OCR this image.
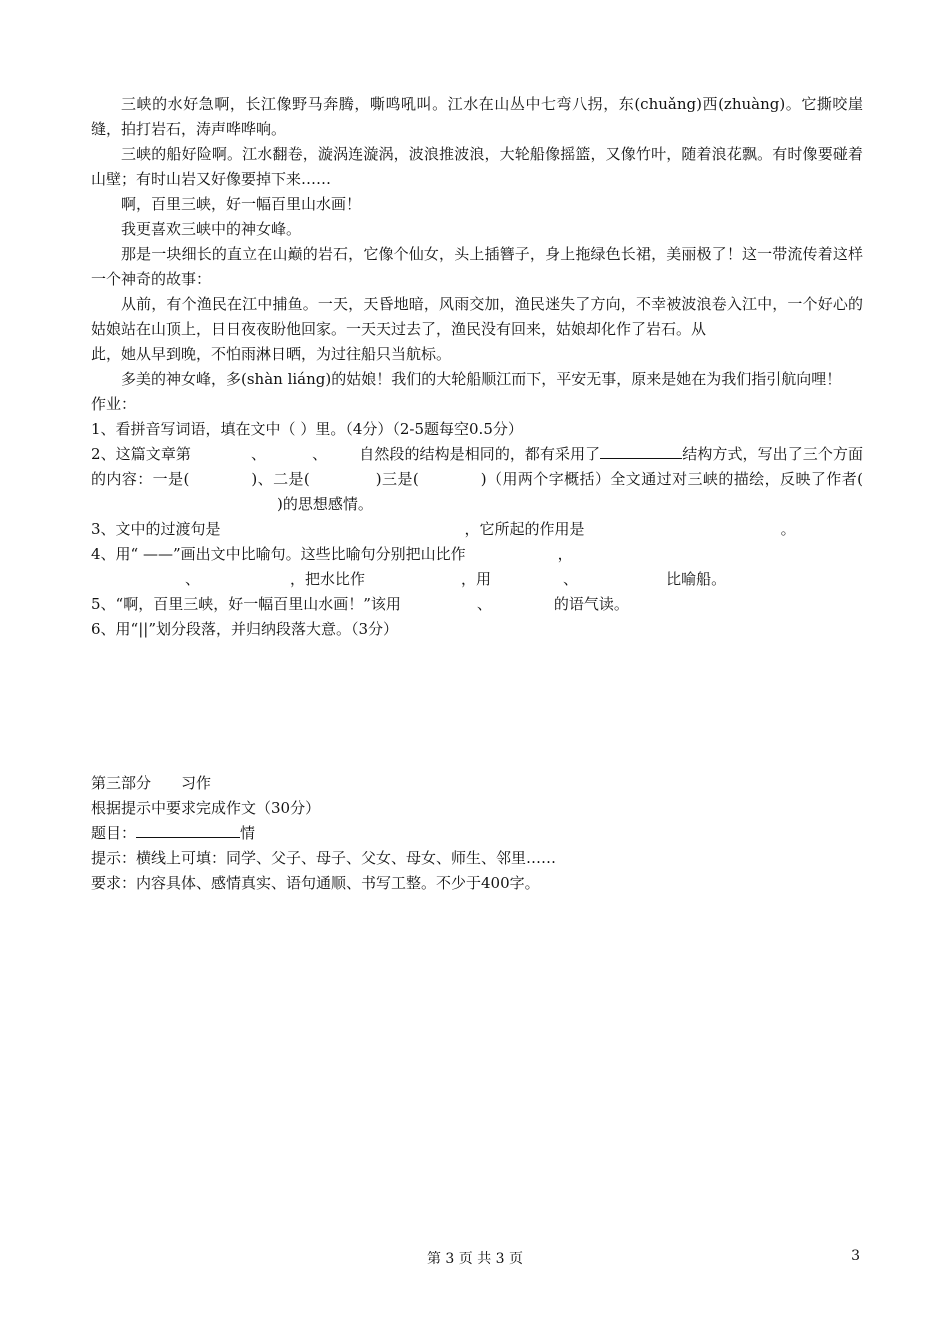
三峡的水好急啊，长江像野马奔腾，嘶鸣吼叫。江水在山丛中七弯八拐，东(chuǎng)西(zhuàng)。它撕咬崖缝，拍打岩石，涛声哗哗响。

三峡的船好险啊。江水翻卷，漩涡连漩涡，波浪推波浪，大轮船像摇篮，又像竹叶，随着浪花飘。有时像要碰着山壁；有时山岩又好像要掉下来……

啊，百里三峡，好一幅百里山水画！

我更喜欢三峡中的神女峰。

那是一块细长的直立在山巅的岩石，它像个仙女，头上插簪子，身上拖绿色长裙，美丽极了！这一带流传着这样一个神奇的故事：

从前，有个渔民在江中捕鱼。一天，天昏地暗，风雨交加，渔民迷失了方向，不幸被波浪卷入江中，一个好心的姑娘站在山顶上，日日夜夜盼他回家。一天天过去了，渔民没有回来，姑娘却化作了岩石。从

此，她从早到晚，不怕雨淋日晒，为过往船只当航标。

多美的神女峰，多(shàn liáng)的姑娘！我们的大轮船顺江而下，平安无事，原来是她在为我们指引航向哩！

作业：

1、看拼音写词语，填在文中（ ）里。（4分）（2-5题每空0.5分）

2、这篇文章第	、	、 自然段的结构是相同的，都有采用了	结构方式，写出了三个方面的内容：一是(	)、二是(	)三是(	)（用两个字概括）全文通过对三峡的描绘，反映了作者()的思想感情。

3、文中的过渡句是	，它所起的作用是	。

4、用“ ——”画出文中比喻句。这些比喻句分别把山比作	，

、	，把水比作	，用	、	比喻船。

5、“啊，百里三峡，好一幅百里山水画！”该用	、	的语气读。

6、用“||”划分段落，并归纳段落大意。（3分）

第三部分 习作

根据提示中要求完成作文（30分）

题目：	情

提示：横线上可填：同学、父子、母子、父女、母女、师生、邻里……

要求：内容具体、感情真实、语句通顺、书写工整。不少于400字。

第 3 页 共 3 页	3
